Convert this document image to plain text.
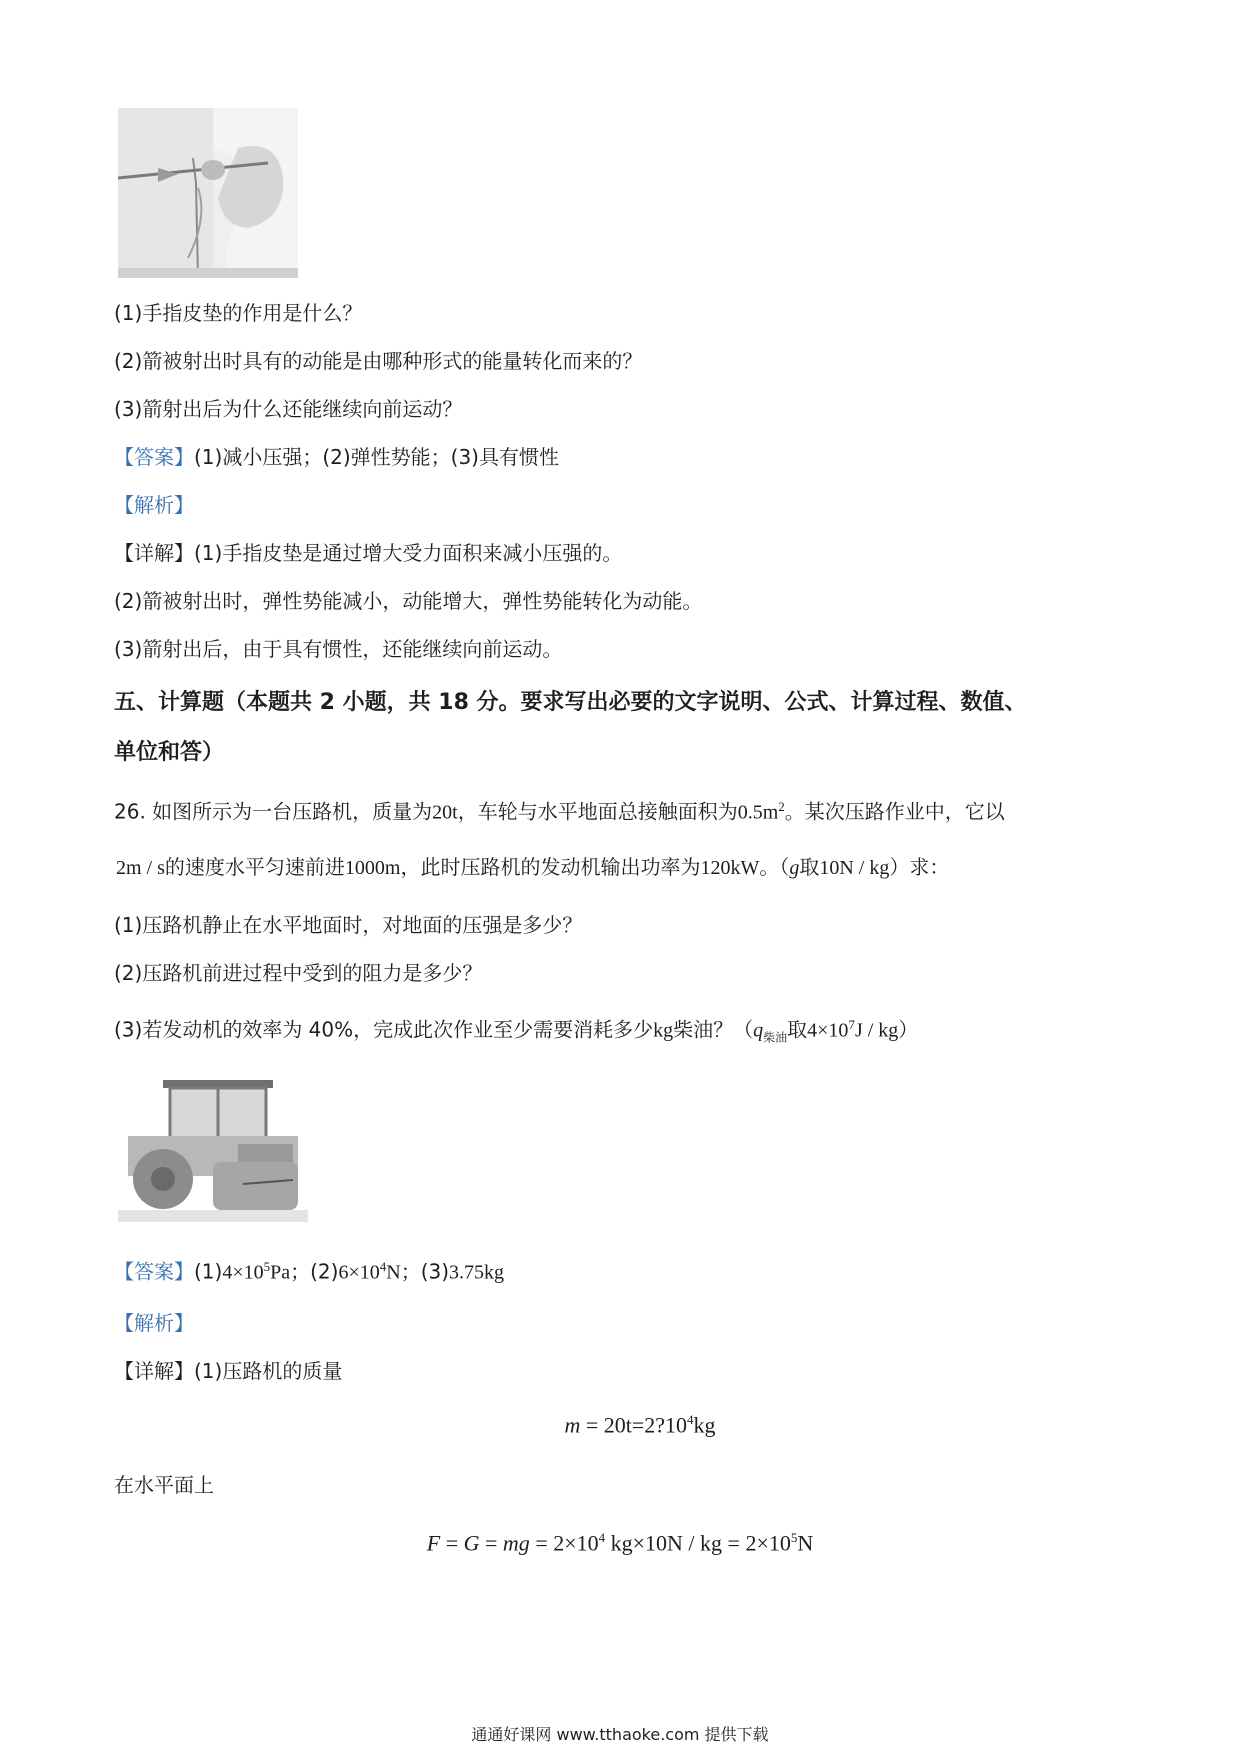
(1)手指皮垫的作用是什么？
(2)箭被射出时具有的动能是由哪种形式的能量转化而来的？
(3)箭射出后为什么还能继续向前运动？
【答案】(1)减小压强；(2)弹性势能；(3)具有惯性
【解析】
【详解】(1)手指皮垫是通过增大受力面积来减小压强的。
(2)箭被射出时，弹性势能减小，动能增大，弹性势能转化为动能。
(3)箭射出后，由于具有惯性，还能继续向前运动。
五、计算题（本题共 2 小题，共 18 分。要求写出必要的文字说明、公式、计算过程、数值、
单位和答）
26. 如图所示为一台压路机，质量为20t，车轮与水平地面总接触面积为$0.5m^2$。某次压路作业中，它以
2m / s的速度水平匀速前进1000m，此时压路机的发动机输出功率为120kW。（g取10N / kg）求：
(1)压路机静止在水平地面时，对地面的压强是多少？
(2)压路机前进过程中受到的阻力是多少？
(3)若发动机的效率为 40%，完成此次作业至少需要消耗多少kg柴油？（$q_{柴油}$取$4\times 10^7J / kg$）
【答案】$(1)4\times 10^5Pa$；$(2)6\times 10^4N$；(3)3.75kg
【解析】
【详解】(1)压路机的质量
$m = 20t=2?10^4kg$
在水平面上
F = G = mg = $2\times 10^4$ kg×10N / kg = $2\times 10^5N$
通通好课网 www.tthaoke.com 提供下载
